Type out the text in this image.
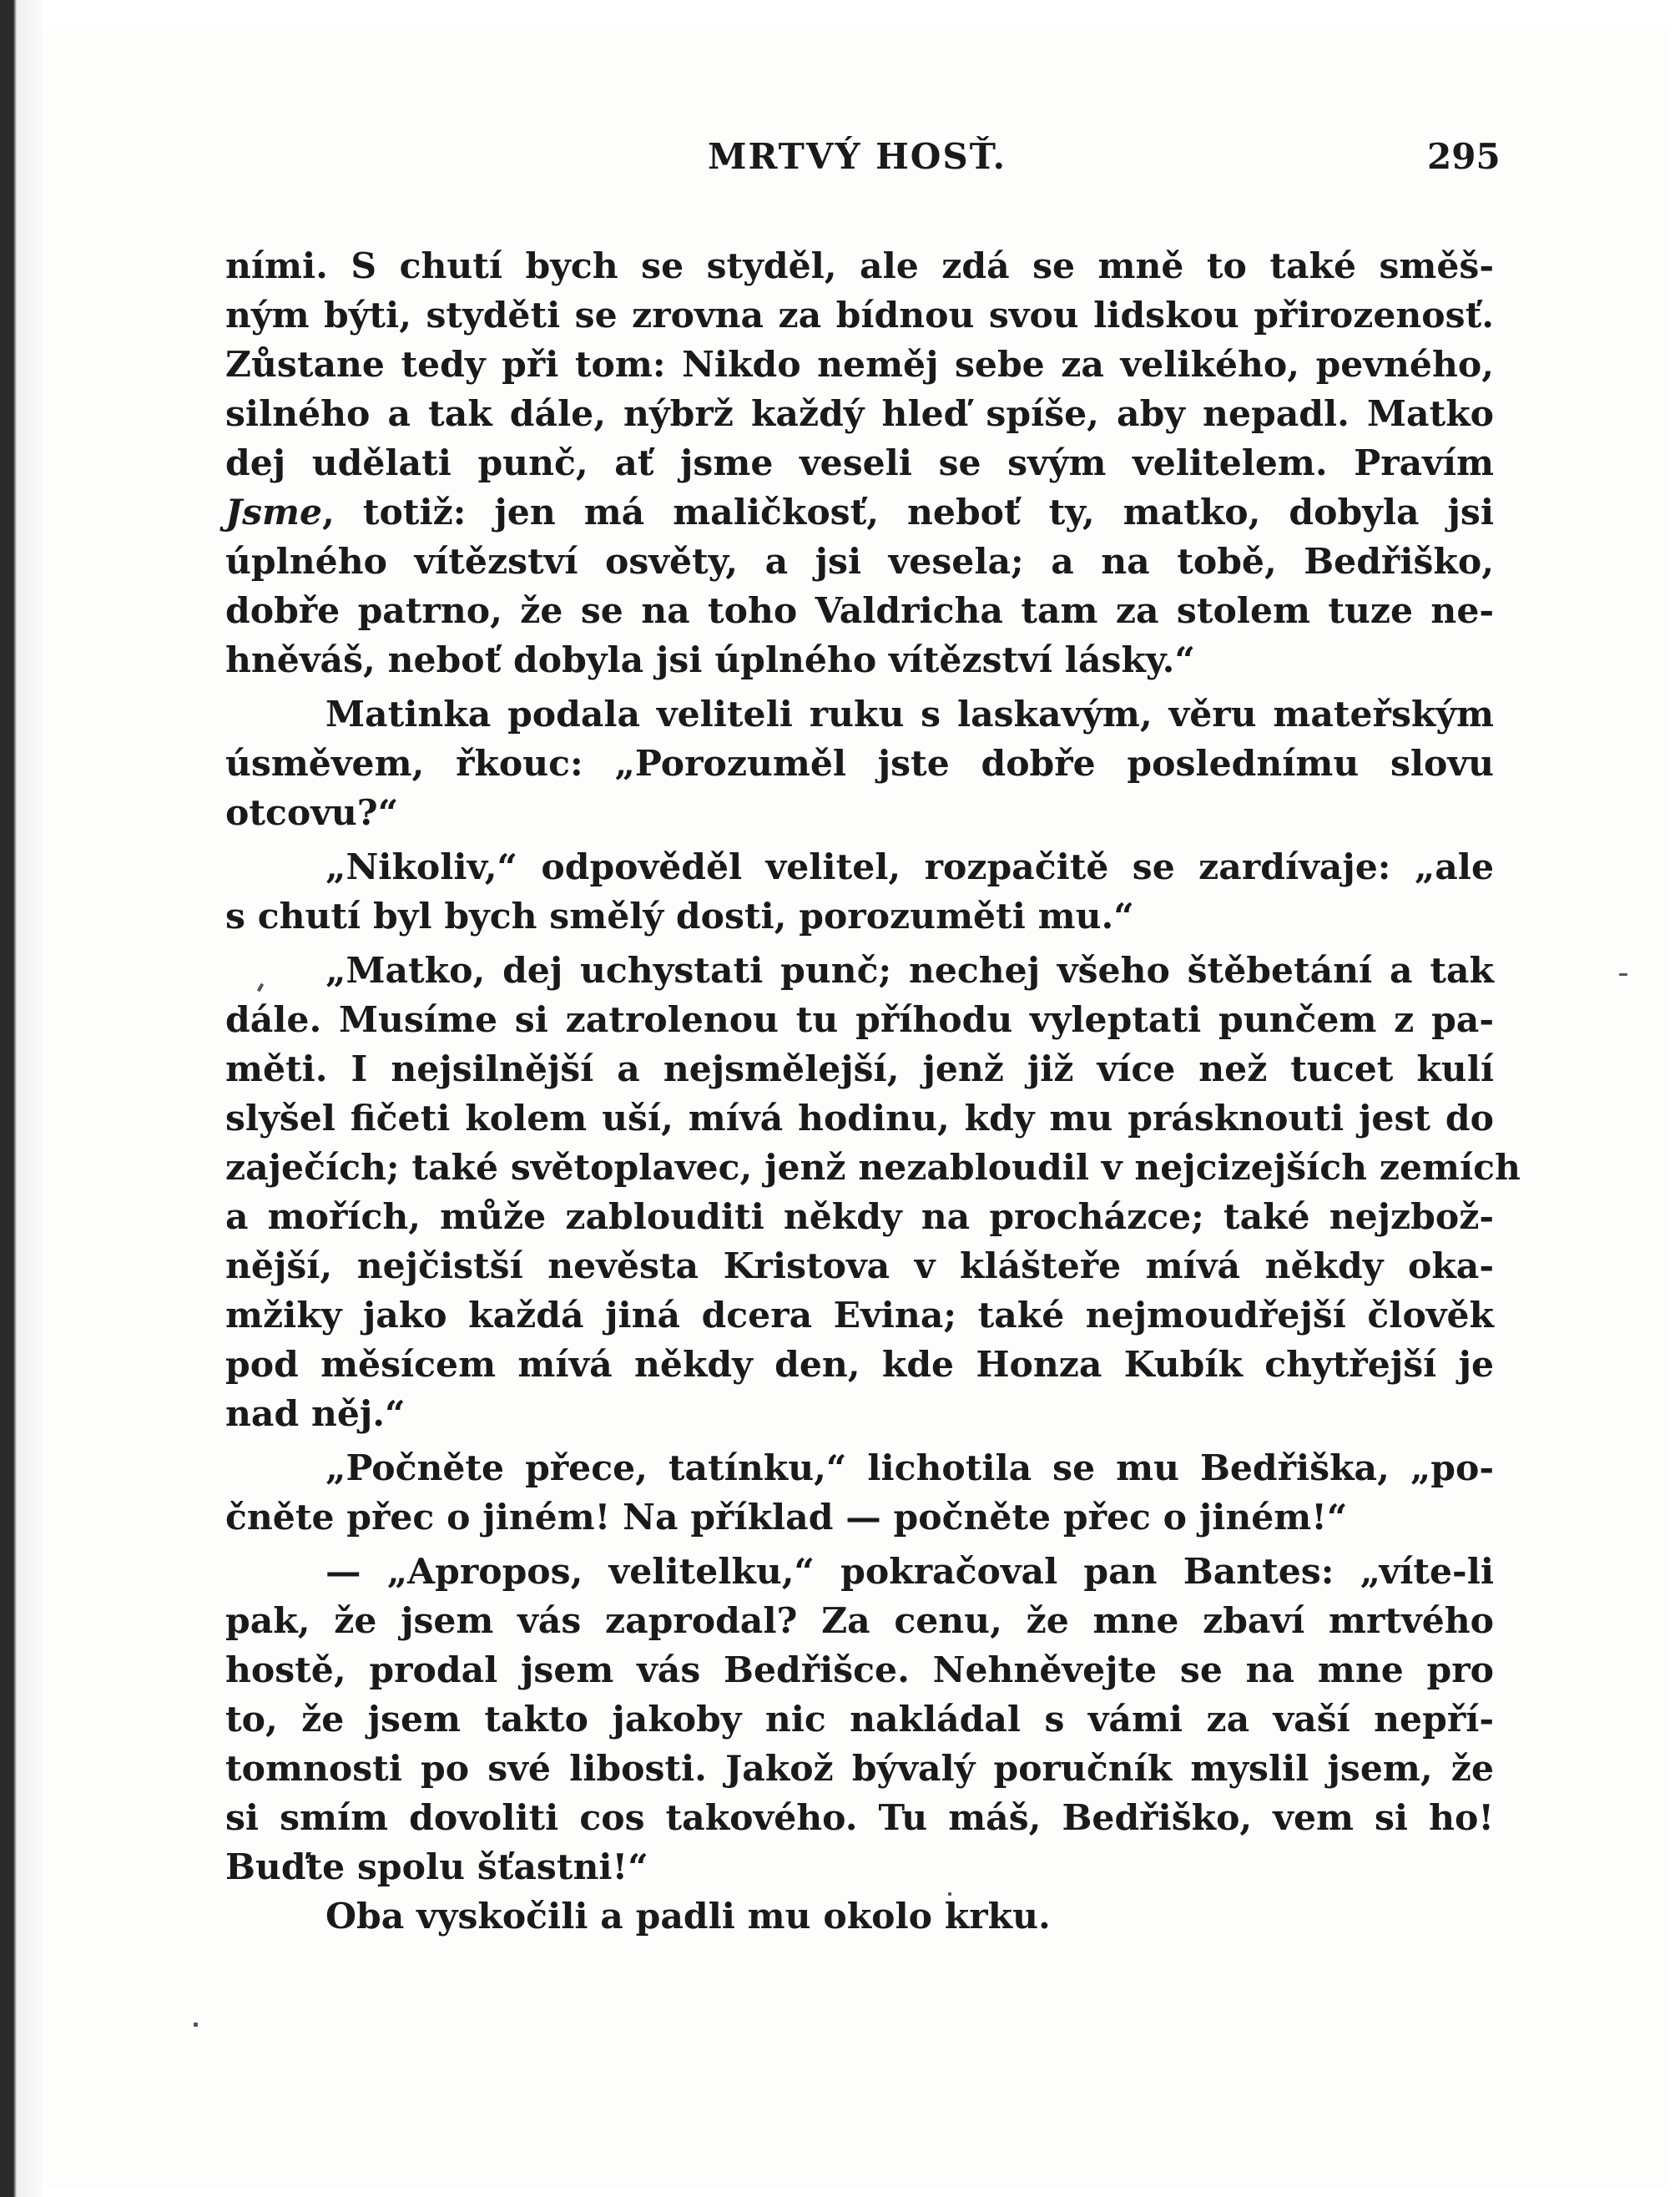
MRTVÝ HOSŤ.	295
ními. S chutí bych se styděl, ale zdá se mně to také směš-
ným býti, styděti se zrovna za bídnou svou lidskou přirozenosť.
Zůstane tedy při tom: Nikdo neměj sebe za velikého, pevného,
silného a tak dále, nýbrž každý hleď spíše, aby nepadl. Matko
dej udělati punč, ať jsme veseli se svým velitelem. Pravím
Jsme, totiž: jen má maličkosť, neboť ty, matko, dobyla jsi
úplného vítězství osvěty, a jsi vesela; a na tobě, Bedřiško,
dobře patrno, že se na toho Valdricha tam za stolem tuze ne-
hněváš, neboť dobyla jsi úplného vítězství lásky.“
Matinka podala veliteli ruku s laskavým, věru mateřským
úsměvem, řkouc: „Porozuměl jste dobře poslednímu slovu
otcovu?“
„Nikoliv,“ odpověděl velitel, rozpačitě se zardívaje: „ale
s chutí byl bych smělý dosti, porozuměti mu.“
„Matko, dej uchystati punč; nechej všeho štěbetání a tak
dále. Musíme si zatrolenou tu příhodu vyleptati punčem z pa-
měti. I nejsilnější a nejsmělejší, jenž již více než tucet kulí
slyšel fičeti kolem uší, mívá hodinu, kdy mu prásknouti jest do
zaječích; také světoplavec, jenž nezabloudil v nejcizejších zemích
a mořích, může zablouditi někdy na procházce; také nejzbož-
nější, nejčistší nevěsta Kristova v klášteře mívá někdy oka-
mžiky jako každá jiná dcera Evina; také nejmoudřejší člověk
pod měsícem mívá někdy den, kde Honza Kubík chytřejší je
nad něj.“
„Počněte přece, tatínku,“ lichotila se mu Bedřiška, „po-
čněte přec o jiném! Na příklad — počněte přec o jiném!“
— „Apropos, velitelku,“ pokračoval pan Bantes: „víte-li
pak, že jsem vás zaprodal? Za cenu, že mne zbaví mrtvého
hostě, prodal jsem vás Bedřišce. Nehněvejte se na mne pro
to, že jsem takto jakoby nic nakládal s vámi za vaší nepří-
tomnosti po své libosti. Jakož bývalý poručník myslil jsem, že
si smím dovoliti cos takového. Tu máš, Bedřiško, vem si ho!
Buďte spolu šťastni!“
Oba vyskočili a padli mu okolo krku.
